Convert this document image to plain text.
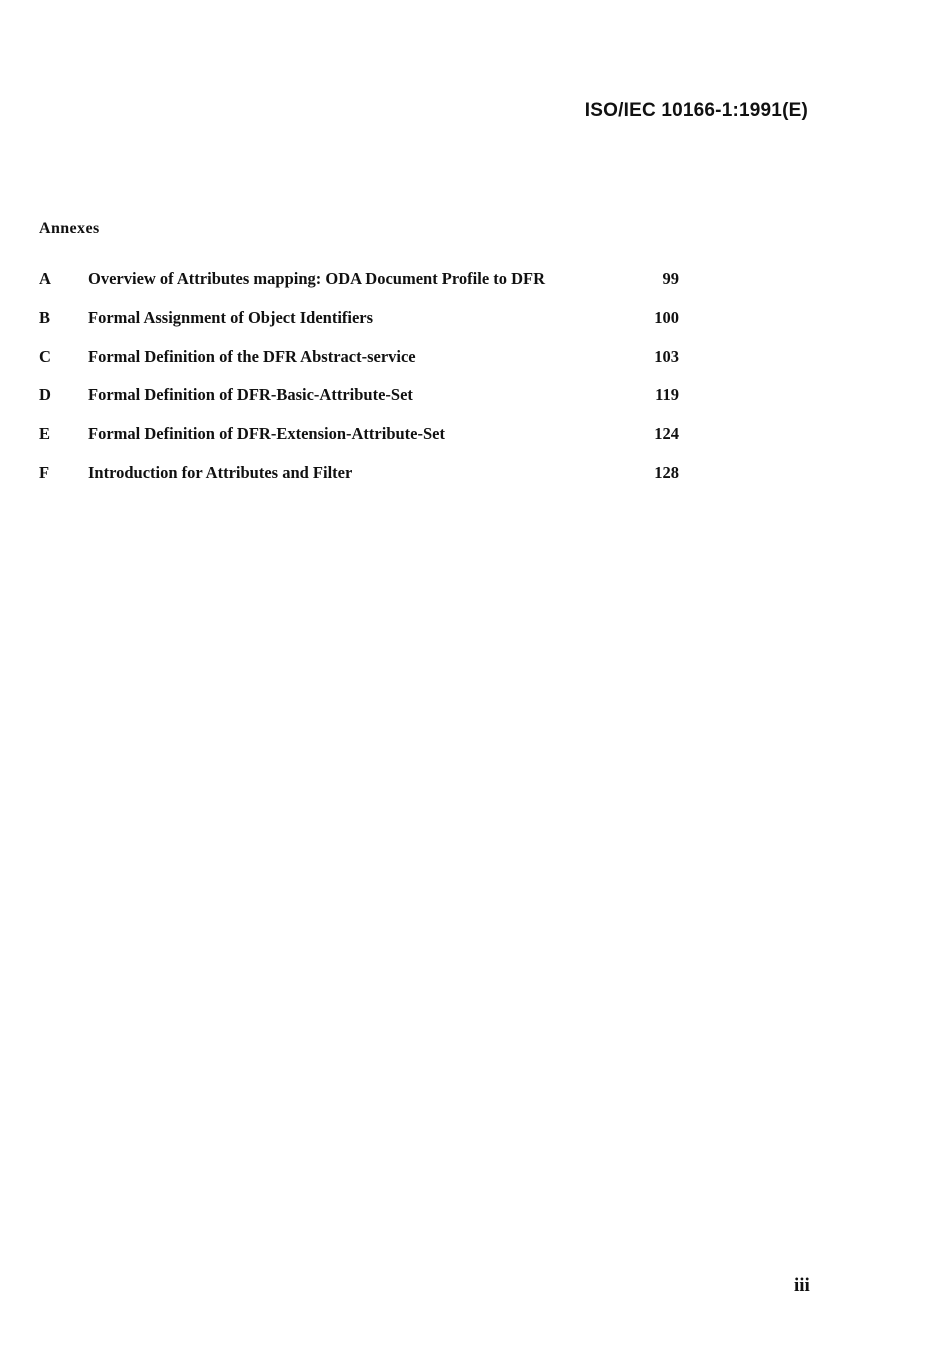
ISO/IEC 10166-1:1991(E)
Annexes
A	Overview of Attributes mapping: ODA Document Profile to DFR	99
B	Formal Assignment of Object Identifiers	100
C	Formal Definition of the DFR Abstract-service	103
D	Formal Definition of DFR-Basic-Attribute-Set	119
E	Formal Definition of DFR-Extension-Attribute-Set	124
F	Introduction for Attributes and Filter	128
iii
